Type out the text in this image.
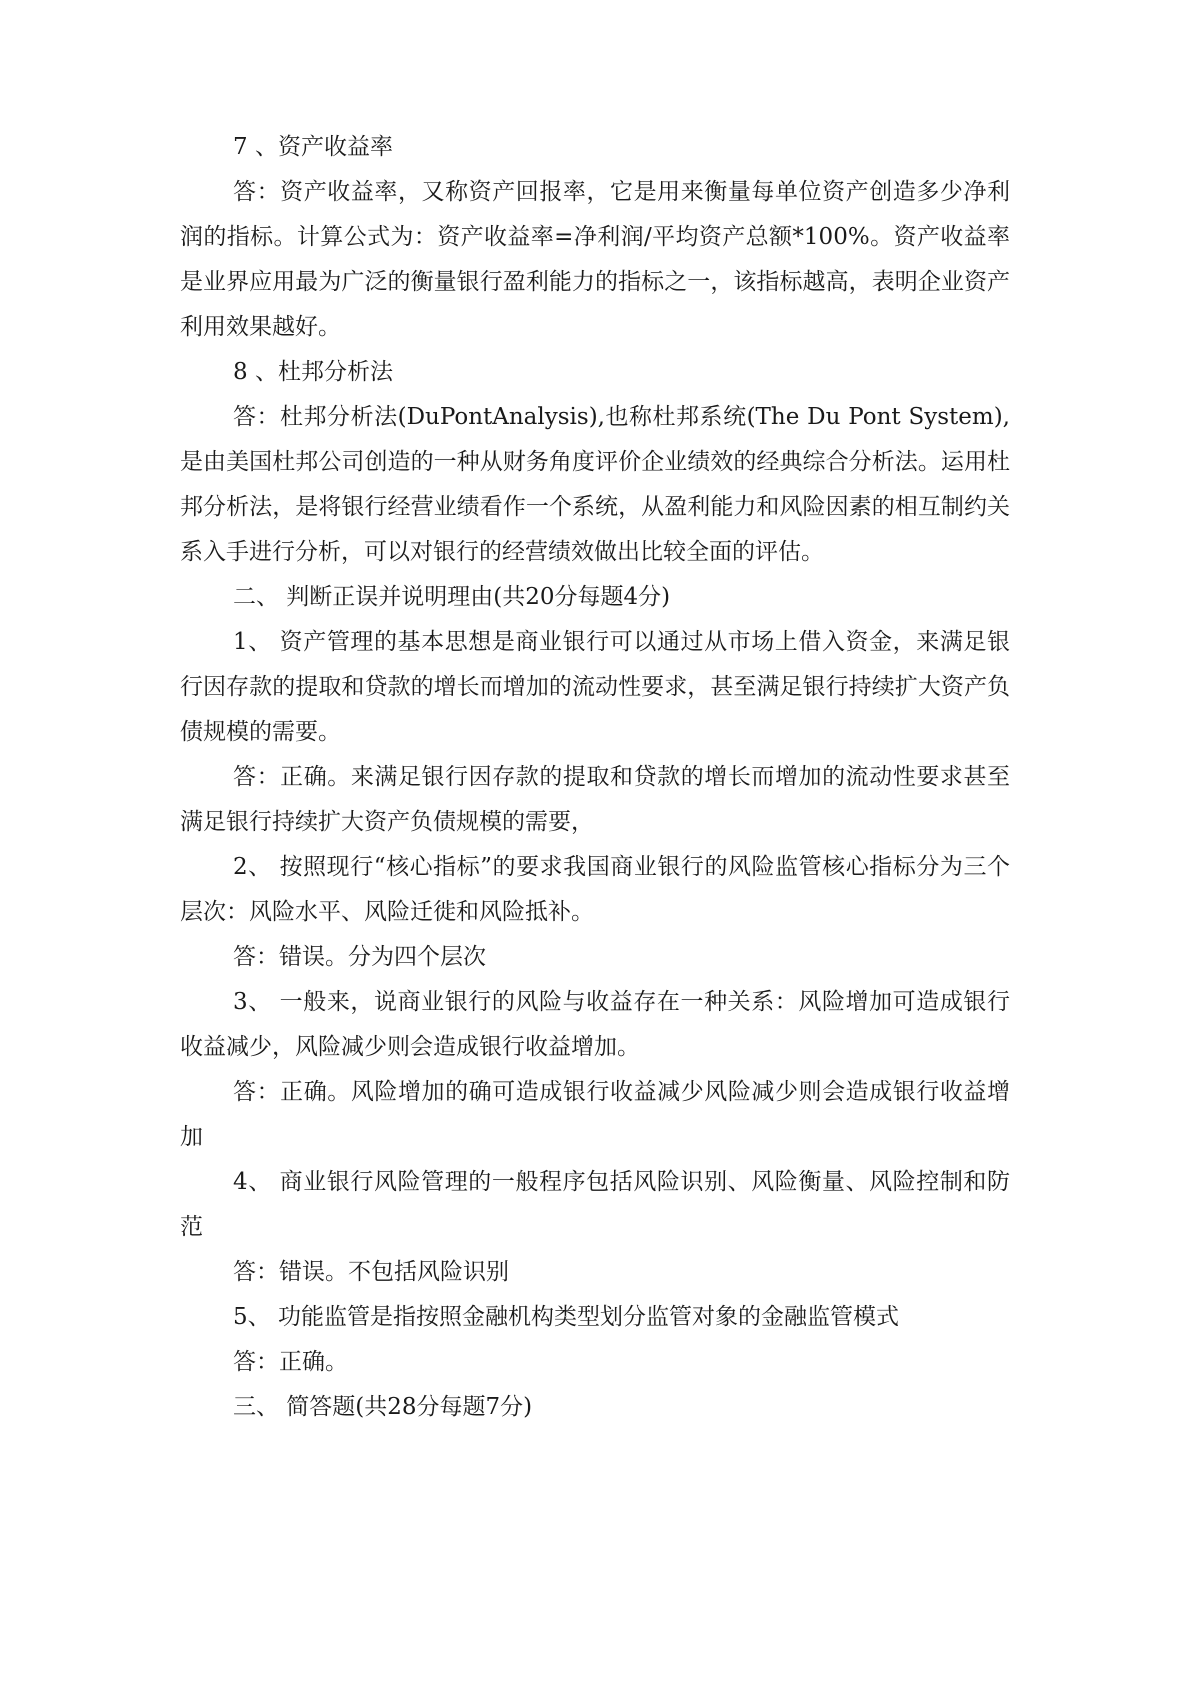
7 、资产收益率

答：资产收益率，又称资产回报率，它是用来衡量每单位资产创造多少净利润的指标。计算公式为：资产收益率=净利润/平均资产总额*100%。资产收益率是业界应用最为广泛的衡量银行盈利能力的指标之一，该指标越高，表明企业资产利用效果越好。

8 、杜邦分析法

答：杜邦分析法(DuPontAnalysis),也称杜邦系统(The Du Pont System),是由美国杜邦公司创造的一种从财务角度评价企业绩效的经典综合分析法。运用杜邦分析法，是将银行经营业绩看作一个系统，从盈利能力和风险因素的相互制约关系入手进行分析，可以对银行的经营绩效做出比较全面的评估。

二、 判断正误并说明理由(共20分每题4分)

1、 资产管理的基本思想是商业银行可以通过从市场上借入资金，来满足银行因存款的提取和贷款的增长而增加的流动性要求，甚至满足银行持续扩大资产负债规模的需要。

答：正确。来满足银行因存款的提取和贷款的增长而增加的流动性要求甚至满足银行持续扩大资产负债规模的需要，

2、 按照现行“核心指标”的要求我国商业银行的风险监管核心指标分为三个层次：风险水平、风险迁徙和风险抵补。

答：错误。分为四个层次

3、 一般来，说商业银行的风险与收益存在一种关系：风险增加可造成银行收益减少，风险减少则会造成银行收益增加。

答：正确。风险增加的确可造成银行收益减少风险减少则会造成银行收益增加

4、 商业银行风险管理的一般程序包括风险识别、风险衡量、风险控制和防范

答：错误。不包括风险识别

5、 功能监管是指按照金融机构类型划分监管对象的金融监管模式

答：正确。

三、 简答题(共28分每题7分)
